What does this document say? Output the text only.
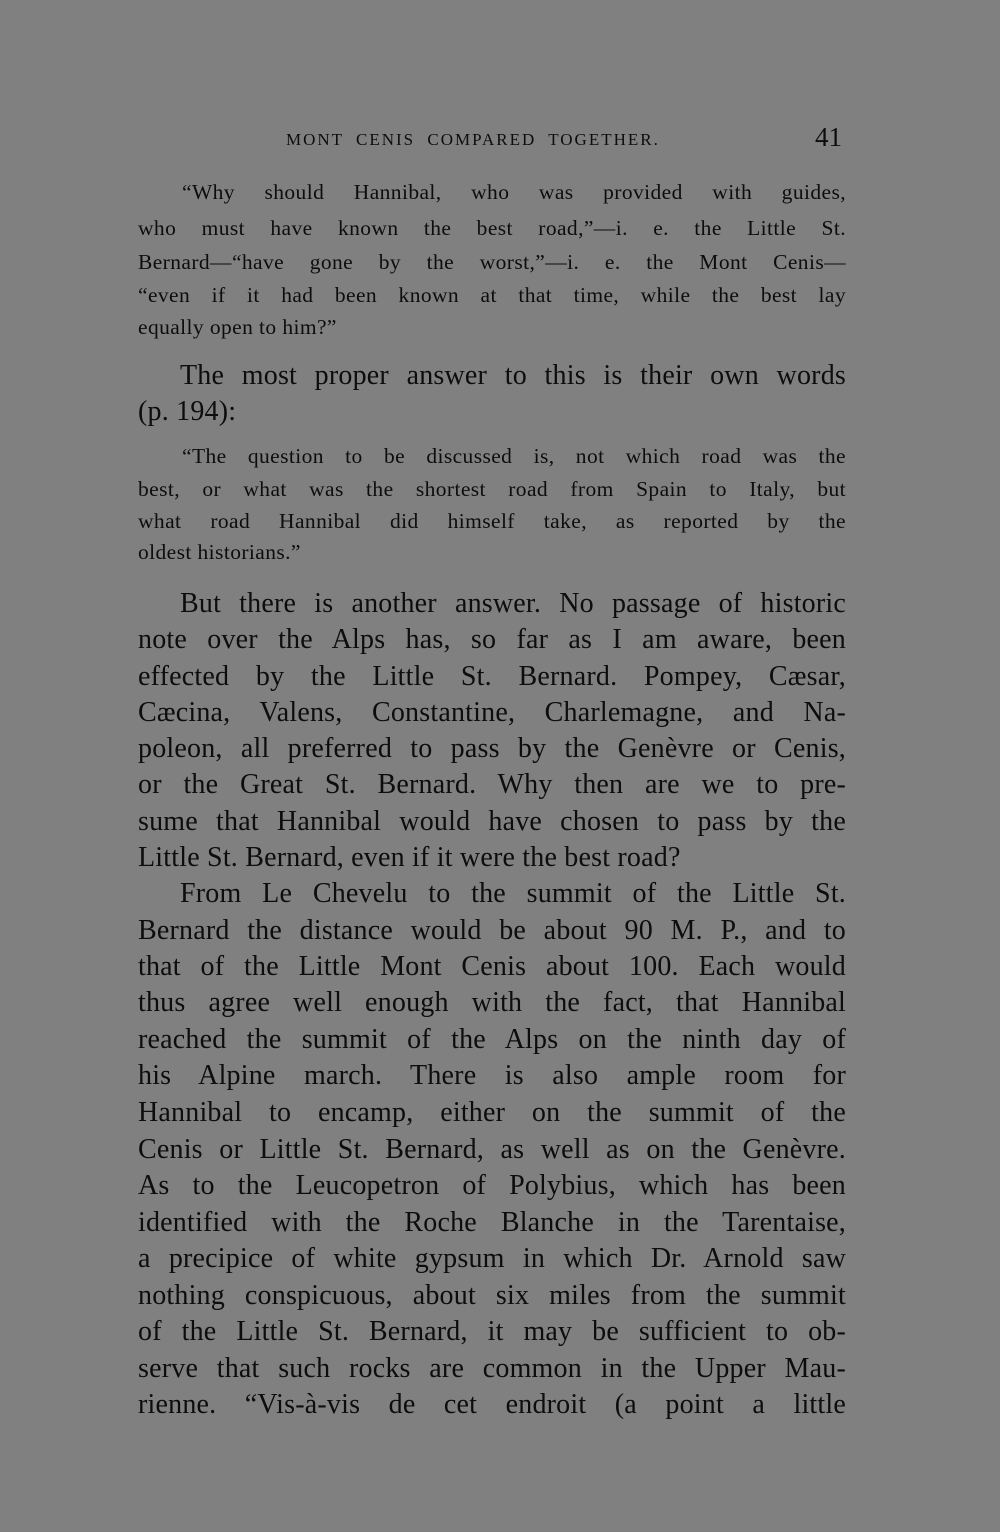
MONT CENIS COMPARED TOGETHER.	41
“Why should Hannibal, who was provided with guides,
who must have known the best road,”—i. e. the Little St.
Bernard—“have gone by the worst,”—i. e. the Mont Cenis—
“even if it had been known at that time, while the best lay
equally open to him?”
The most proper answer to this is their own words
(p. 194):
“The question to be discussed is, not which road was the
best, or what was the shortest road from Spain to Italy, but
what road Hannibal did himself take, as reported by the
oldest historians.”
But there is another answer. No passage of historic
note over the Alps has, so far as I am aware, been
effected by the Little St. Bernard. Pompey, Cæsar,
Cæcina, Valens, Constantine, Charlemagne, and Na-
poleon, all preferred to pass by the Genèvre or Cenis,
or the Great St. Bernard. Why then are we to pre-
sume that Hannibal would have chosen to pass by the
Little St. Bernard, even if it were the best road?
From Le Chevelu to the summit of the Little St.
Bernard the distance would be about 90 M. P., and to
that of the Little Mont Cenis about 100. Each would
thus agree well enough with the fact, that Hannibal
reached the summit of the Alps on the ninth day of
his Alpine march. There is also ample room for
Hannibal to encamp, either on the summit of the
Cenis or Little St. Bernard, as well as on the Genèvre.
As to the Leucopetron of Polybius, which has been
identified with the Roche Blanche in the Tarentaise,
a precipice of white gypsum in which Dr. Arnold saw
nothing conspicuous, about six miles from the summit
of the Little St. Bernard, it may be sufficient to ob-
serve that such rocks are common in the Upper Mau-
rienne. “Vis-à-vis de cet endroit (a point a little
